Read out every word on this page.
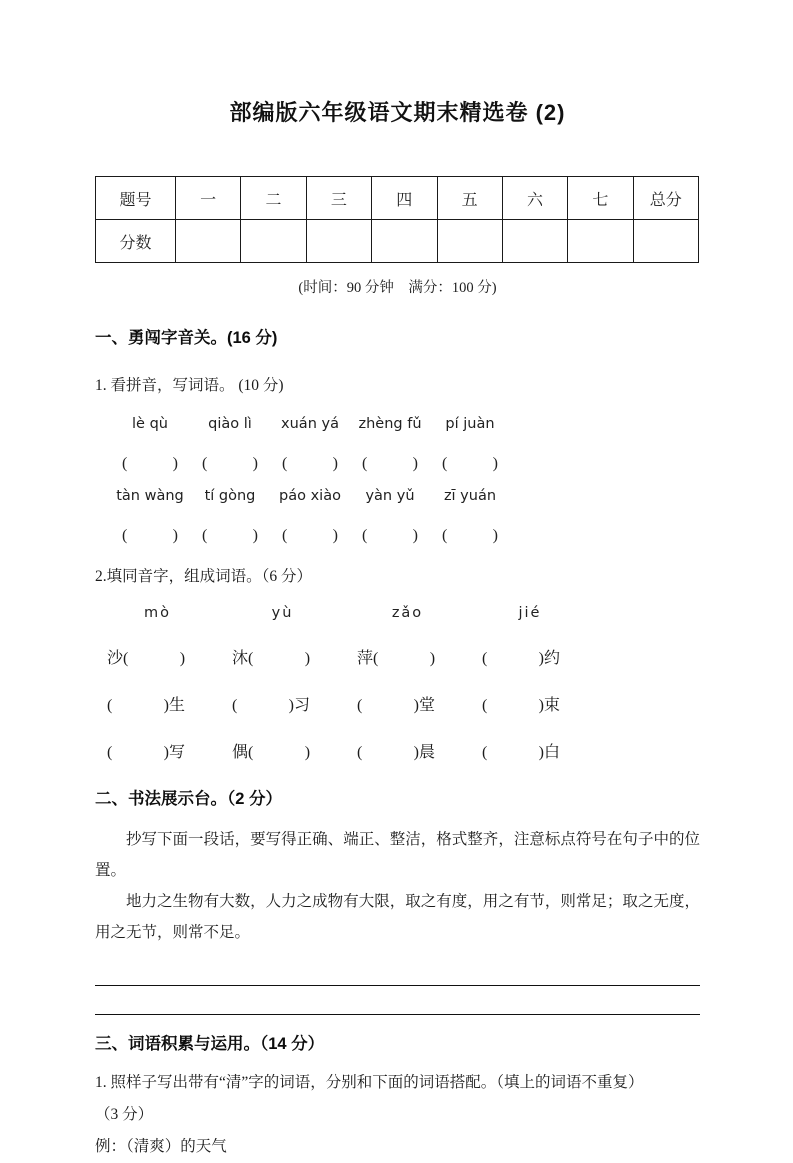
部编版六年级语文期末精选卷 (2)
题号	一	二	三	四	五	六	七	总分
分数								
(时间：90 分钟    满分：100 分)
一、勇闯字音关。(16 分)
1. 看拼音，写词语。 (10 分)
lè qù
(	)
qiào lì
(	)
xuán yá
(	)
zhèng fǔ
(	)
pí juàn
(	)
tàn wàng
(	)
tí gòng
(	)
páo xiào
(	)
yàn yǔ
(	)
zī yuán
(	)
2.填同音字，组成词语。（6 分）
mò	yù	zǎo	jié
沙 (	)	沐 (	)	萍 (	)	(	) 约
(	) 生	(	) 习	(	) 堂	(	) 束
(	) 写	偶 (	)	(	) 晨	(	) 白
二、书法展示台。（2 分）
抄写下面一段话，要写得正确、端正、整洁，格式整齐，注意标点符号在句子中的位置。
地力之生物有大数，人力之成物有大限，取之有度，用之有节，则常足；取之无度，用之无节，则常不足。
三、词语积累与运用。（14 分）
1. 照样子写出带有“清”字的词语，分别和下面的词语搭配。（填上的词语不重复）
（3 分）
例：（清爽）的天气
